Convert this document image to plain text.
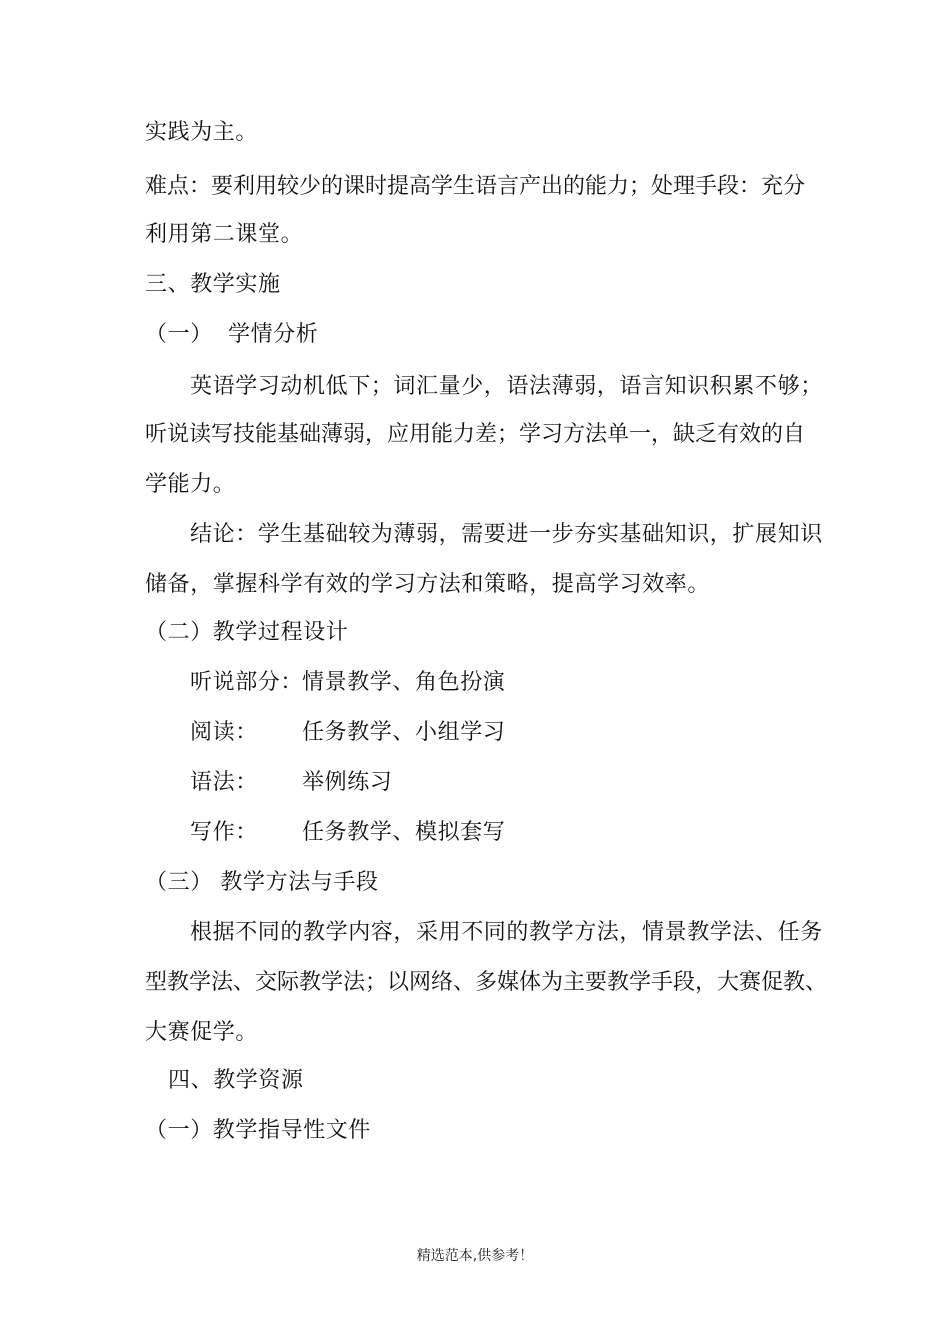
实践为主。
难点：要利用较少的课时提高学生语言产出的能力；处理手段：充分
利用第二课堂。
三、教学实施
（一）  学情分析
英语学习动机低下；词汇量少，语法薄弱，语言知识积累不够；
听说读写技能基础薄弱，应用能力差；学习方法单一，缺乏有效的自
学能力。
结论：学生基础较为薄弱，需要进一步夯实基础知识，扩展知识
储备，掌握科学有效的学习方法和策略，提高学习效率。
（二）教学过程设计
听说部分：
情景教学、角色扮演
阅读： 任务教学、小组学习
语法： 举例练习
写作： 任务教学、模拟套写
（三） 教学方法与手段
根据不同的教学内容，采用不同的教学方法，情景教学法、任务
型教学法、交际教学法；以网络、多媒体为主要教学手段，大赛促教、
大赛促学。
四、教学资源
（一）教学指导性文件
精选范本,供参考！
